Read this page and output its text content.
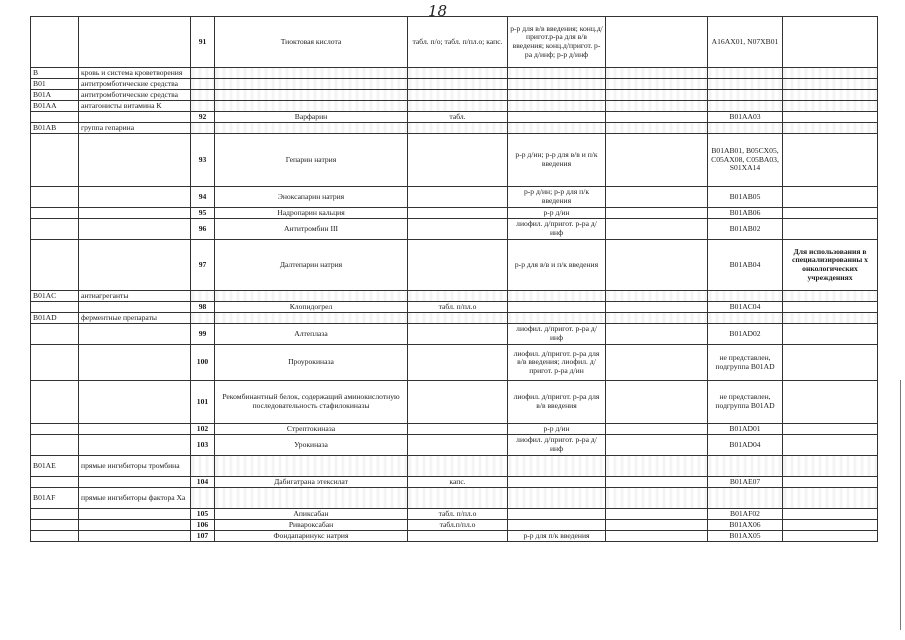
18
		91	Тиоктовая кислота	табл. п/о; табл. п/пл.о; капс.	р-р для в/в введения; конц.д/пригот.р-ра для в/в введения; конц.д/пригот. р-ра д/инф; р-р д/инф		A16AX01, N07XB01	
B	кровь и система кроветворения							
B01	антитромботические средства							
B01A	антитромботические средства							
B01AA	антагонисты витамина К							
		92	Варфарин	табл.			B01AA03	
B01AB	группа гепарина							
		93	Гепарин натрия		р-р д/ин; р-р для в/в и п/к введения		B01AB01, B05CX05, C05AX08, C05BA03, S01XA14	
		94	Эноксапарин натрия		р-р д/ин; р-р для п/к введения		B01AB05	
		95	Надропарин кальция		р-р д/ин		B01AB06	
		96	Антитромбин III		лиофил. д/пригот. р-ра д/инф		B01AB02	
		97	Далтепарин натрия		р-р для в/в и п/к введения		B01AB04	Для использования в специализированны х онкологических учреждениях
B01AC	антиагреганты							
		98	Клопидогрел	табл. п/пл.о			B01AC04	
B01AD	ферментные препараты							
		99	Алтеплаза		лиофил. д/пригот. р-ра д/инф		B01AD02	
		100	Проурокиназа		лиофил. д/пригот. р-ра для в/в введения; лиофил. д/пригот. р-ра д/ин		не представлен, подгруппа B01AD	
		101	Рекомбинантный белок, содержащий аминокислотную последовательность стафилокиназы		лиофил. д/пригот. р-ра для в/в введения		не представлен, подгруппа B01AD	
		102	Стрептокиназа		р-р д/ин		B01AD01	
		103	Урокиназа		лиофил. д/пригот. р-ра д/инф		B01AD04	
B01AE	прямые ингибиторы тромбина							
		104	Дабигатрана этексилат	капс.			B01AE07	
B01AF	прямые ингибиторы фактора Ха							
		105	Апиксабан	табл. п/пл.о			B01AF02	
		106	Ривароксабан	табл.п/пл.о			B01AX06	
		107	Фондапаринукс натрия		р-р для п/к введения		B01AX05	
